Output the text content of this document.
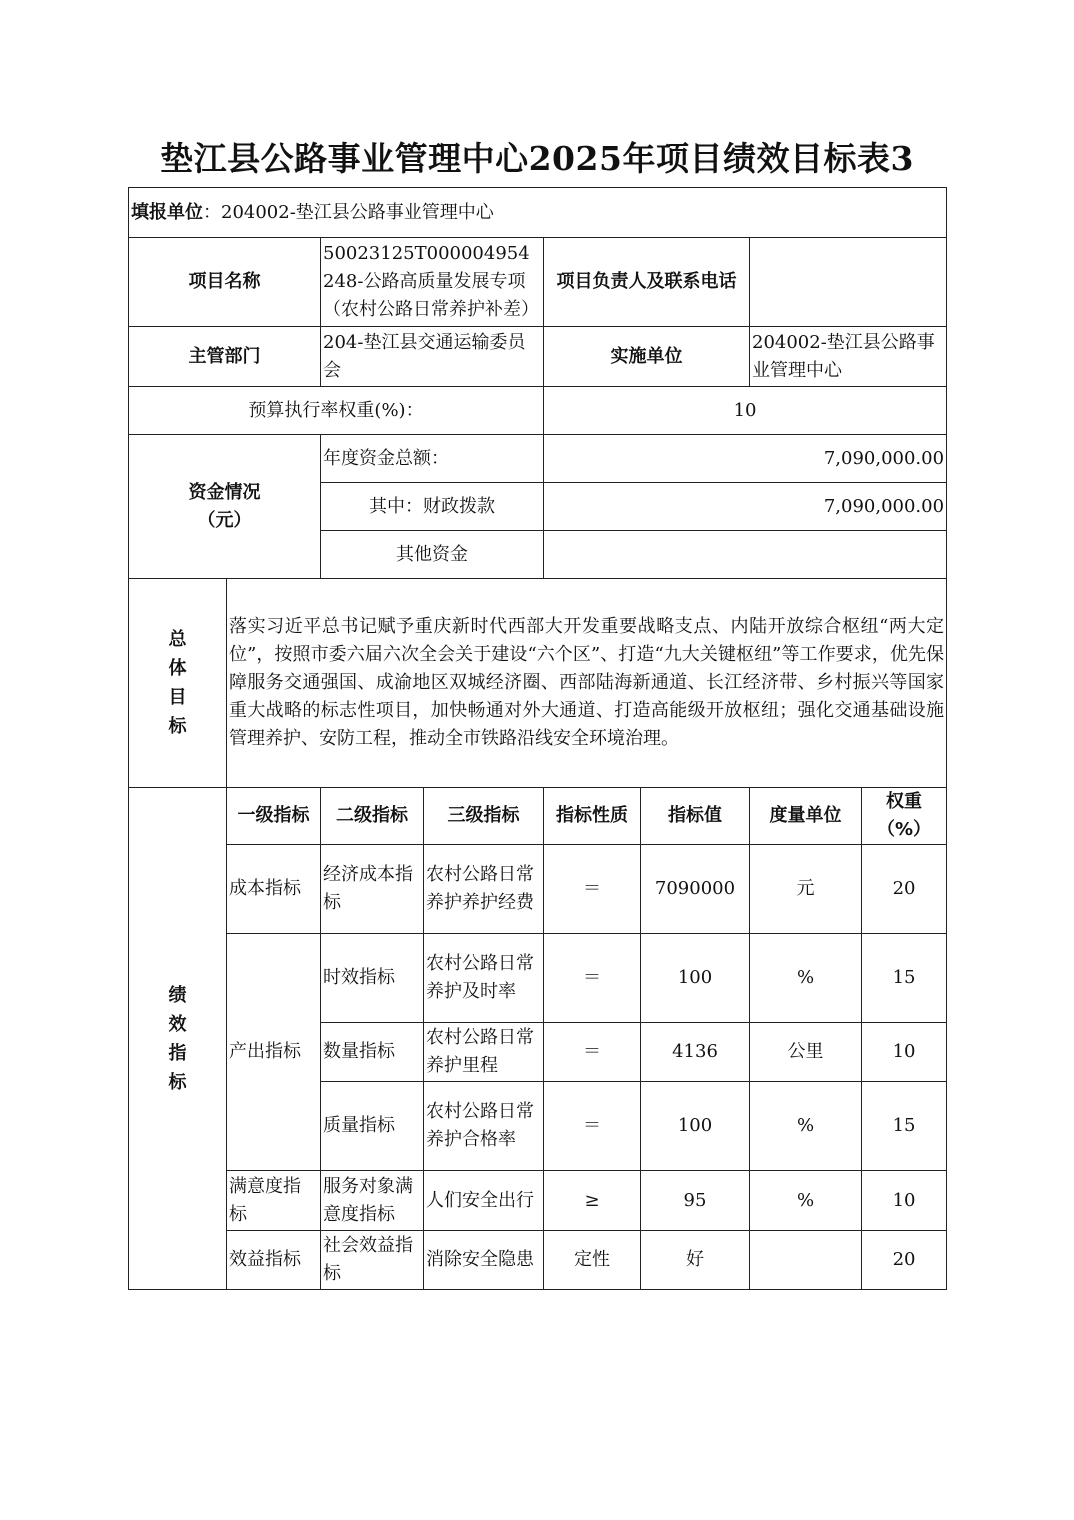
垫江县公路事业管理中心2025年项目绩效目标表3
填报单位：204002-垫江县公路事业管理中心							
项目名称		50023125T000004954248-公路高质量发展专项（农村公路日常养护补差）		项目负责人及联系电话			
主管部门		204-垫江县交通运输委员会		实施单位		204002-垫江县公路事业管理中心	
预算执行率权重(%)：				10			

资金情况
（元）		年度资金总额：		7,090,000.00			
		其中：财政拨款		7,090,000.00			
		其他资金					

总
体
目
标	落实习近平总书记赋予重庆新时代西部大开发重要战略支点、内陆开放综合枢纽“两大定位”，按照市委六届六次全会关于建设“六个区”、打造“九大关键枢纽”等工作要求，优先保障服务交通强国、成渝地区双城经济圈、西部陆海新通道、长江经济带、乡村振兴等国家重大战略的标志性项目，加快畅通对外大通道、打造高能级开放枢纽；强化交通基础设施管理养护、安防工程，推动全市铁路沿线安全环境治理。						

绩
效
指
标	一级指标	二级指标	三级指标	指标性质	指标值	度量单位	权重（%）
	成本指标	经济成本指标	农村公路日常养护养护经费	＝	7090000	元	20
	产出指标	时效指标	农村公路日常养护及时率	＝	100	%	15
		数量指标	农村公路日常养护里程	＝	4136	公里	10
		质量指标	农村公路日常养护合格率	＝	100	%	15
	满意度指标	服务对象满意度指标	人们安全出行	≥	95	%	10
	效益指标	社会效益指标	消除安全隐患	定性	好		20
